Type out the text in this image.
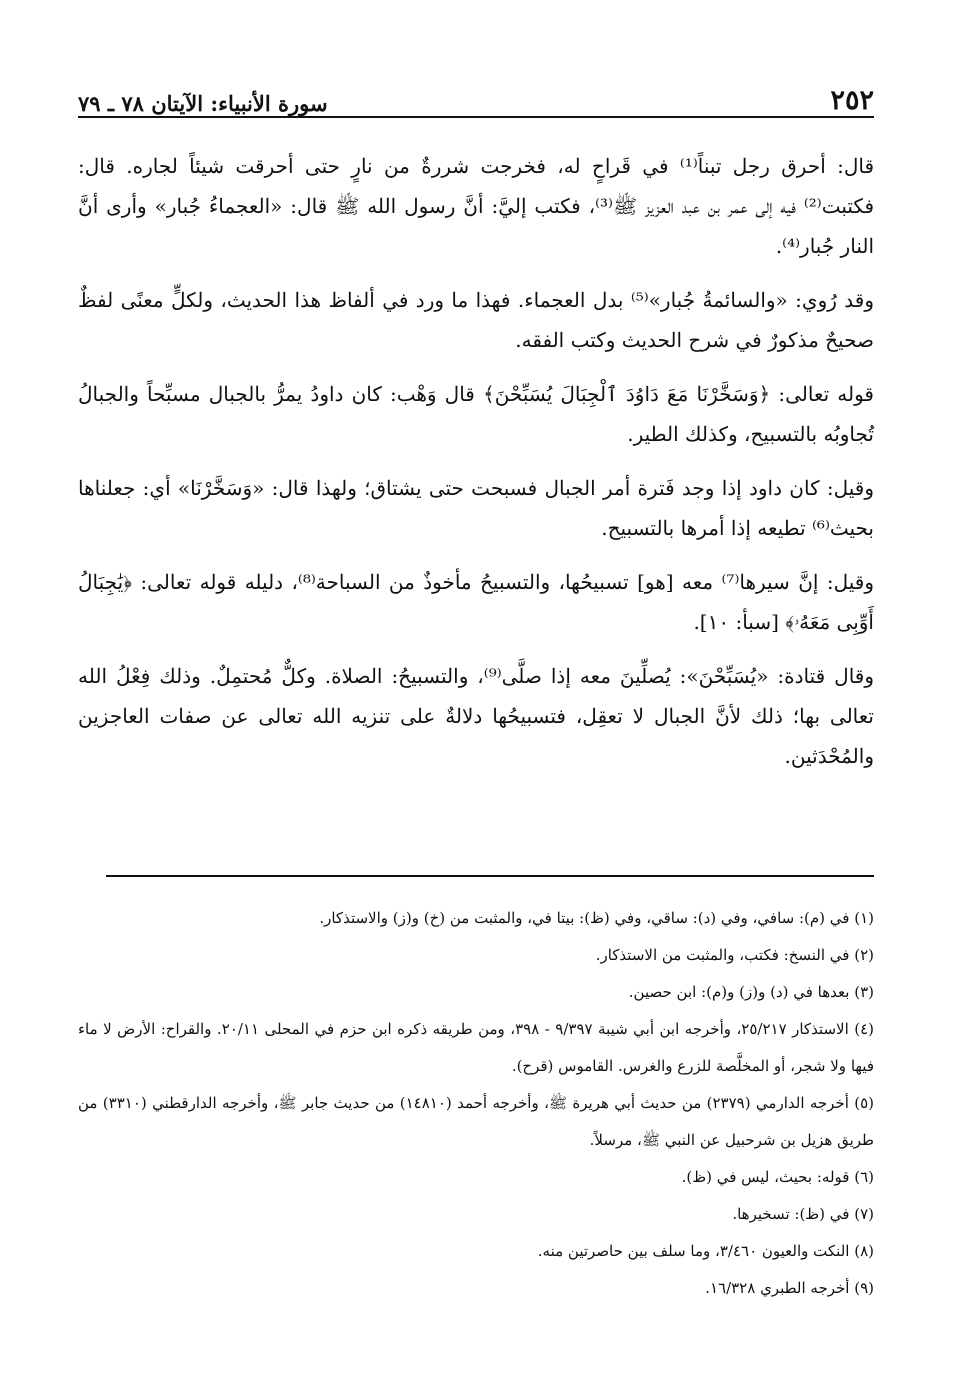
٢٥٢
سورة الأنبياء: الآيتان ٧٨ ـ ٧٩

قال: أحرق رجل تبناً⁽¹⁾ في قَراحٍ له، فخرجت شررةٌ من نارٍ حتى أحرقت شيئاً لجاره. قال: فكتبت⁽²⁾ فيه إلى عمر بن عبد العزيز ﷺ⁽³⁾، فكتب إليَّ: أنَّ رسول الله ﷺ قال: «العجماءُ جُبار» وأرى أنَّ النار جُبار⁽⁴⁾.

وقد رُوي: «والسائمةُ جُبار»⁽⁵⁾ بدل العجماء. فهذا ما ورد في ألفاظ هذا الحديث، ولكلٍّ معنًى لفظٌ صحيحٌ مذكورٌ في شرح الحديث وكتب الفقه.

قوله تعالى: ﴿وَسَخَّرْنَا مَعَ دَاوُدَ ٱلْجِبَالَ يُسَبِّحْنَ﴾ قال وَهْب: كان داودُ يمرُّ بالجبال مسبِّحاً والجبالُ تُجاوبُه بالتسبيح، وكذلك الطير.

وقيل: كان داود إذا وجد فَترة أمر الجبال فسبحت حتى يشتاق؛ ولهذا قال: «وَسَخَّرْنَا» أي: جعلناها بحيث⁽⁶⁾ تطيعه إذا أمرها بالتسبيح.

وقيل: إنَّ سيرها⁽⁷⁾ معه [هو] تسبيحُها، والتسبيحُ مأخوذٌ من السباحة⁽⁸⁾، دليله قوله تعالى: ﴿يَٰجِبَالُ أَوِّبِى مَعَهُۥ﴾ [سبأ: ١٠].

وقال قتادة: «يُسَبِّحْنَ»: يُصلِّينَ معه إذا صلَّى⁽⁹⁾، والتسبيحُ: الصلاة. وكلٌّ مُحتمِلٌ. وذلك فِعْلُ الله تعالى بها؛ ذلك لأنَّ الجبال لا تعقِل، فتسبيحُها دلالةٌ على تنزيه الله تعالى عن صفات العاجزين والمُحْدَثين.

(١) في (م): سافي، وفي (د): ساقي، وفي (ظ): بيتا في، والمثبت من (خ) و(ز) والاستذكار.

(٢) في النسخ: فكتب، والمثبت من الاستذكار.

(٣) بعدها في (د) و(ز) و(م): ابن حصين.

(٤) الاستذكار ٢٥/٢١٧، وأخرجه ابن أبي شيبة ٩/٣٩٧ - ٣٩٨، ومن طريقه ذكره ابن حزم في المحلى ٢٠/١١. والقراح: الأرض لا ماء فيها ولا شجر، أو المخلَّصة للزرع والغرس. القاموس (قرح).

(٥) أخرجه الدارمي (٢٣٧٩) من حديث أبي هريرة ﷺ، وأخرجه أحمد (١٤٨١٠) من حديث جابر ﷺ، وأخرجه الدارقطني (٣٣١٠) من طريق هزيل بن شرحبيل عن النبي ﷺ، مرسلاً.

(٦) قوله: بحيث، ليس في (ظ).

(٧) في (ظ): تسخيرها.

(٨) النكت والعيون ٣/٤٦٠، وما سلف بين حاصرتين منه.

(٩) أخرجه الطبري ١٦/٣٢٨.
